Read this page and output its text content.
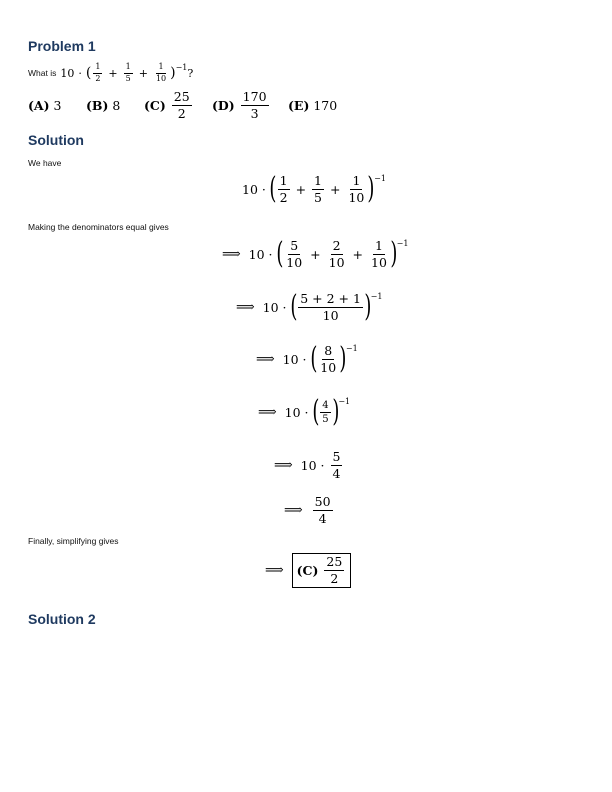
Problem 1
What is 10 · ( $\frac{1}{2} + \frac{1}{5} + \frac{1}{10}$ ) −1 ?
(A) 3	(B) 8	$(C) \frac{25}{2} (D) \frac{170}{3} (E)$ 170
Solution
We have
10 · ( $\frac{1}{2} + \frac{1}{5} + \frac{1}{10}$ ) −1
Making the denominators equal gives
⟹ 10 · ( $\frac{5}{10} + \frac{2}{10} + \frac{1}{10}$ ) −1
⟹ 10 · ( $\frac{5 + 2 + 1}{10}$ ) −1
⟹ 10 · ( $\frac{8}{10}$ ) −1
⟹ 10 · ( $\frac{4}{5}$ ) −1
⟹ $10 \cdot \frac{5}{4}$
⟹ $\frac{50}{4}$
Finally, simplifying gives
⟹ $(C) \frac{25}{2}$
Solution 2
